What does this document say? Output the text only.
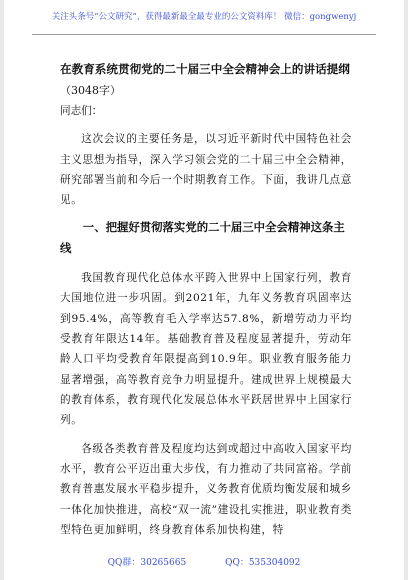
关注头条号“公文研究”，获得最新最全最专业的公文资料库！ 微信：gongwenyj

在教育系统贯彻党的二十届三中全会精神会上的讲话提纲

（3048字）

同志们：

这次会议的主要任务是，以习近平新时代中国特色社会主义思想为指导，深入学习领会党的二十届三中全会精神，研究部署当前和今后一个时期教育工作。下面，我讲几点意见。

一、把握好贯彻落实党的二十届三中全会精神这条主线

我国教育现代化总体水平跨入世界中上国家行列，教育大国地位进一步巩固。到2021年，九年义务教育巩固率达到95.4%，高等教育毛入学率达57.8%，新增劳动力平均受教育年限达14年。基础教育普及程度显著提升，劳动年龄人口平均受教育年限提高到10.9年。职业教育服务能力显著增强，高等教育竞争力明显提升。建成世界上规模最大的教育体系，教育现代化发展总体水平跃居世界中上国家行列。

各级各类教育普及程度均达到或超过中高收入国家平均水平，教育公平迈出重大步伐，有力推动了共同富裕。学前教育普惠发展水平稳步提升，义务教育优质均衡发展和城乡一体化加快推进，高校“双一流”建设扎实推进，职业教育类型特色更加鲜明，终身教育体系加快构建，特

QQ群：30265665	QQ：535304092
